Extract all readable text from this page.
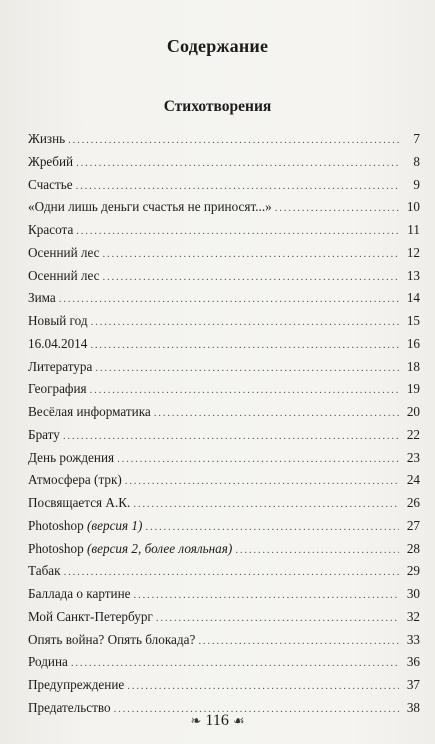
Содержание
Стихотворения
Жизнь . . .	7
Жребий . . .	8
Счастье . . .	9
«Одни лишь деньги счастья не приносят...» . . .	10
Красота . . .	11
Осенний лес . . .	12
Осенний лес . . .	13
Зима . . .	14
Новый год . . .	15
16.04.2014 . . .	16
Литература . . .	18
География . . .	19
Весёлая информатика . . .	20
Брату . . .	22
День рождения . . .	23
Атмосфера (трк) . . .	24
Посвящается А.К. . . .	26
Photoshop (версия 1) . . .	27
Photoshop (версия 2, более лояльная) . . .	28
Табак . . .	29
Баллада о картине . . .	30
Мой Санкт-Петербург . . .	32
Опять война? Опять блокада? . . .	33
Родина . . .	36
Предупреждение . . .	37
Предательство . . .	38
❧ 116 ☙
